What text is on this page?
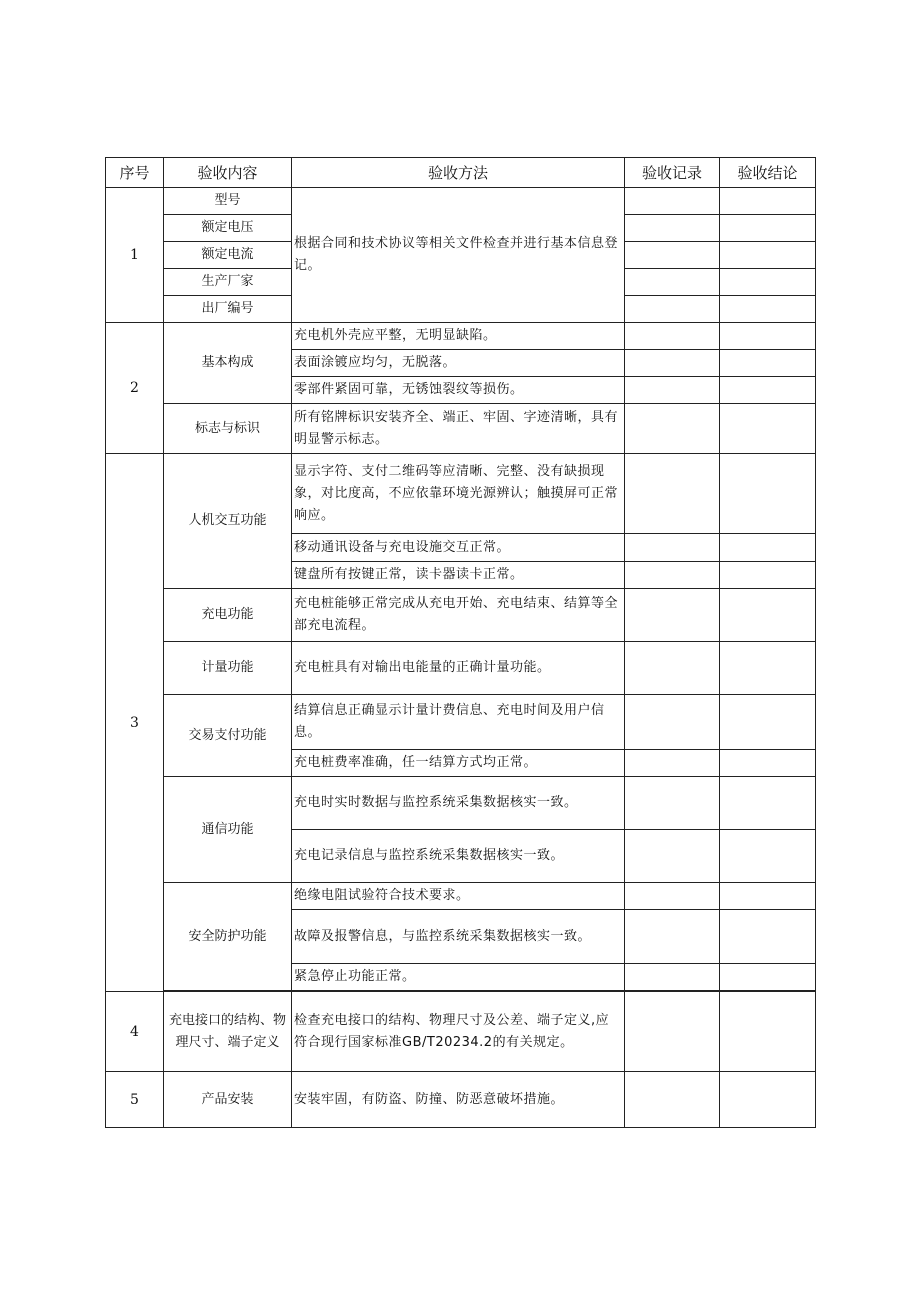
序号	验收内容	验收方法	验收记录	验收结论
1	型号	根据合同和技术协议等相关文件检查并进行基本信息登记。		
	额定电压			
	额定电流			
	生产厂家			
	出厂编号			
2	基本构成	充电机外壳应平整，无明显缺陷。		
		表面涂镀应均匀，无脱落。		
		零部件紧固可靠，无锈蚀裂纹等损伤。		
	标志与标识	所有铭牌标识安装齐全、端正、牢固、字迹清晰，具有明显警示标志。		
3	人机交互功能	显示字符、支付二维码等应清晰、完整、没有缺损现象，对比度高，不应依靠环境光源辨认；触摸屏可正常响应。		
		移动通讯设备与充电设施交互正常。		
		键盘所有按键正常，读卡器读卡正常。		
	充电功能	充电桩能够正常完成从充电开始、充电结束、结算等全部充电流程。		
	计量功能	充电桩具有对输出电能量的正确计量功能。		
	交易支付功能	结算信息正确显示计量计费信息、充电时间及用户信息。		
		充电桩费率准确，任一结算方式均正常。		
	通信功能	充电时实时数据与监控系统采集数据核实一致。		
		充电记录信息与监控系统采集数据核实一致。		
	安全防护功能	绝缘电阻试验符合技术要求。		
		故障及报警信息，与监控系统采集数据核实一致。		
		紧急停止功能正常。		

4	充电接口的结构、物理尺寸、端子定义	检查充电接口的结构、物理尺寸及公差、端子定义,应符合现行国家标准GB/T20234.2的有关规定。		
5	产品安装	安装牢固，有防盗、防撞、防恶意破坏措施。		
